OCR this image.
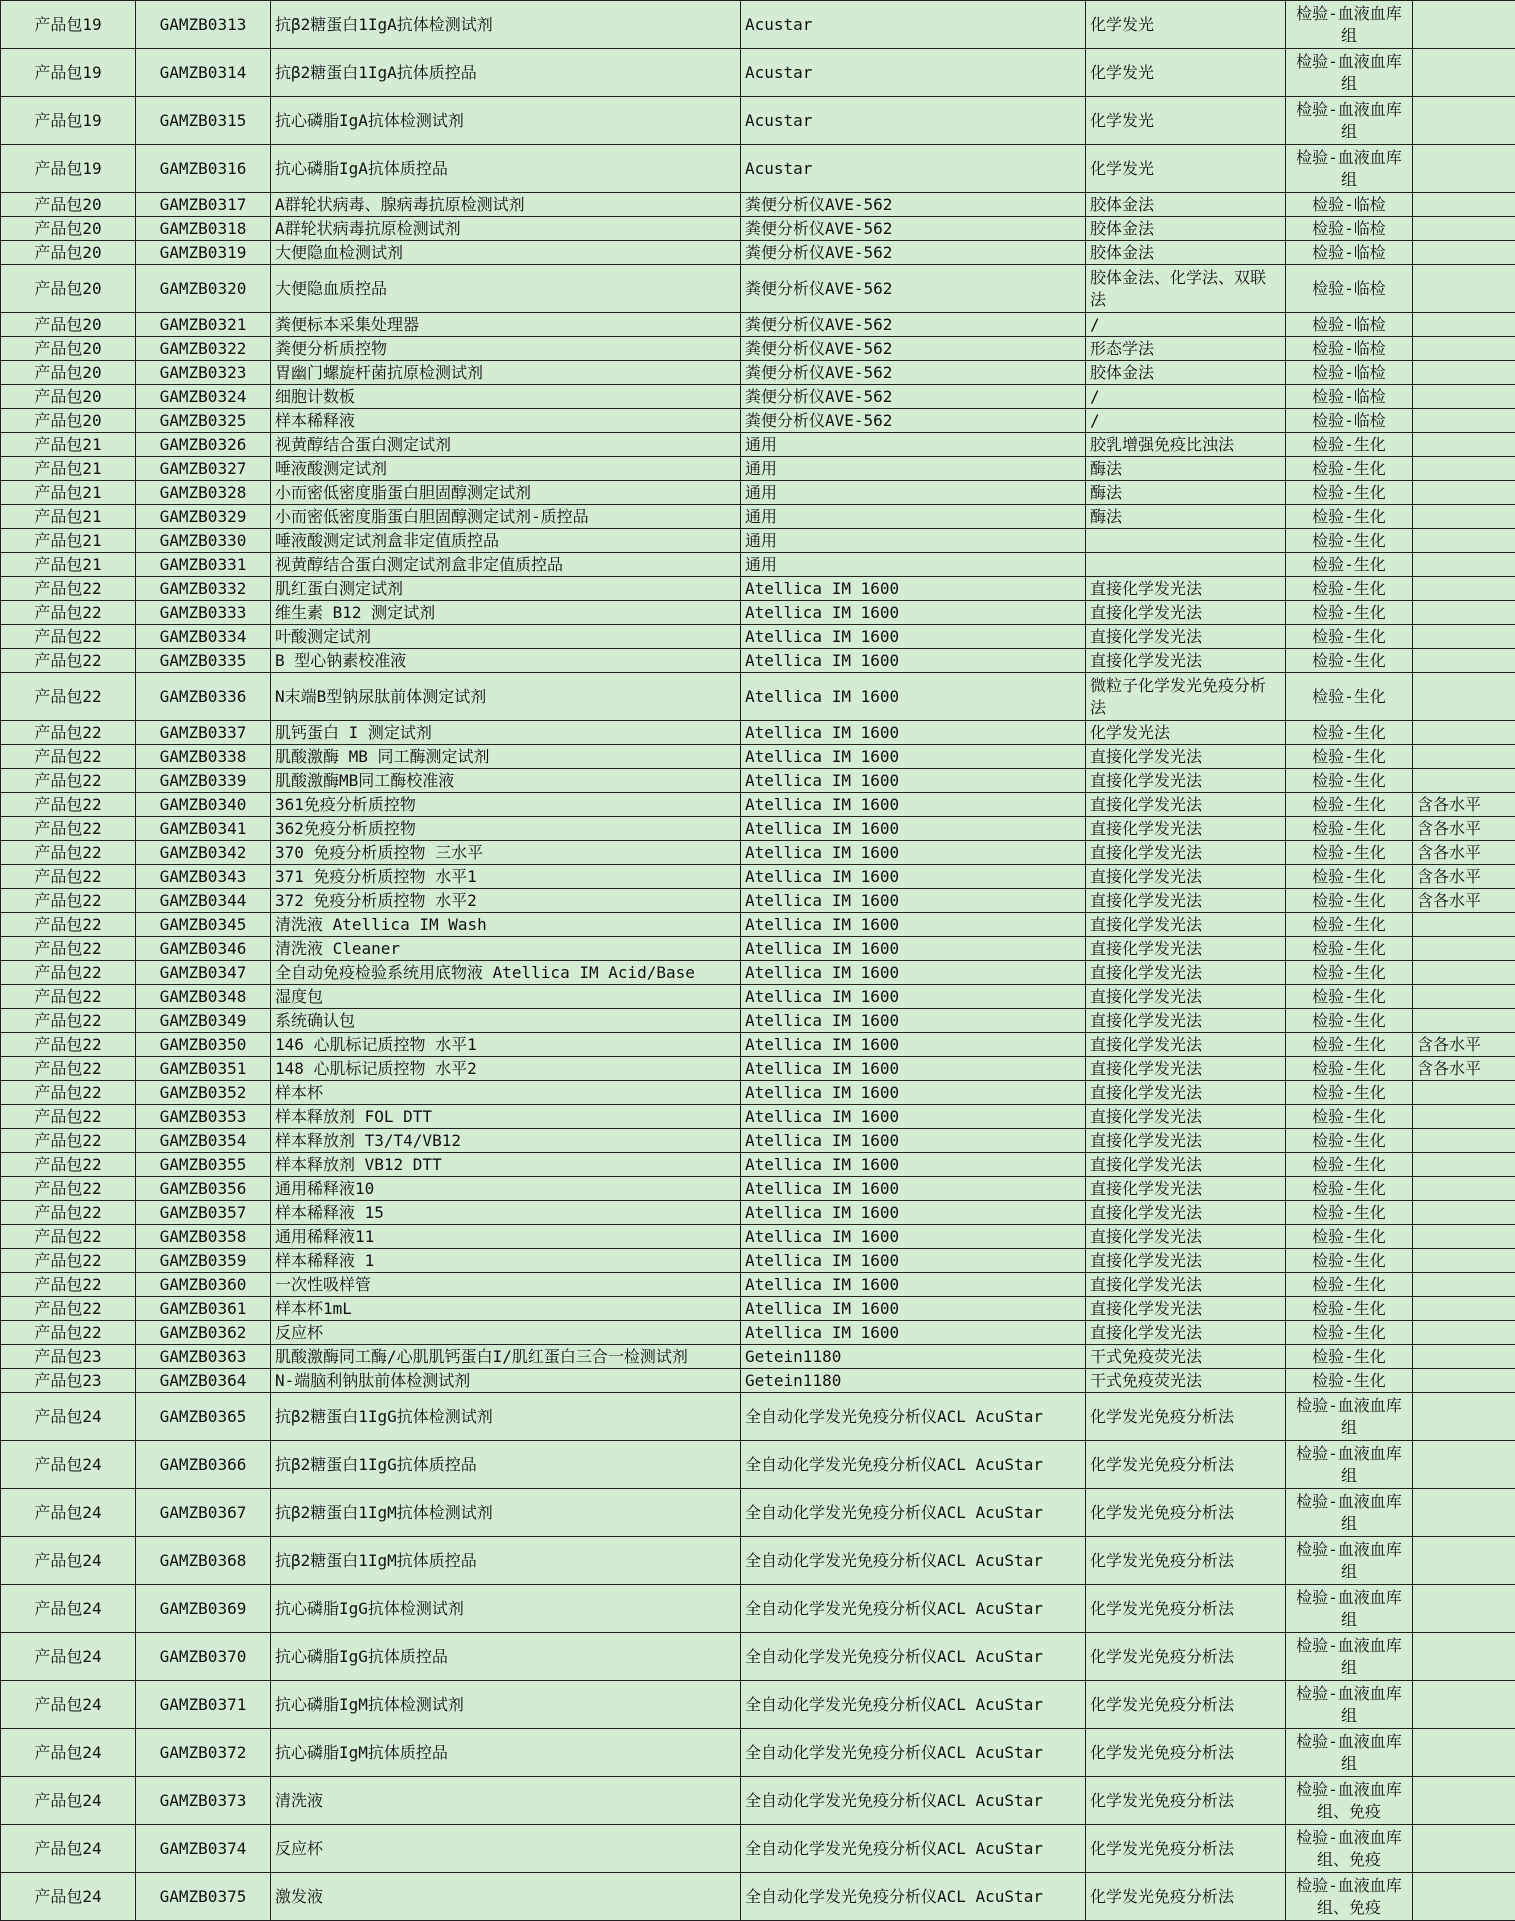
产品包19	GAMZB0313	抗β2糖蛋白1IgA抗体检测试剂	Acustar	化学发光	检验-血液血库组	
产品包19	GAMZB0314	抗β2糖蛋白1IgA抗体质控品	Acustar	化学发光	检验-血液血库组	
产品包19	GAMZB0315	抗心磷脂IgA抗体检测试剂	Acustar	化学发光	检验-血液血库组	
产品包19	GAMZB0316	抗心磷脂IgA抗体质控品	Acustar	化学发光	检验-血液血库组	
产品包20	GAMZB0317	A群轮状病毒、腺病毒抗原检测试剂	粪便分析仪AVE-562	胶体金法	检验-临检	
产品包20	GAMZB0318	A群轮状病毒抗原检测试剂	粪便分析仪AVE-562	胶体金法	检验-临检	
产品包20	GAMZB0319	大便隐血检测试剂	粪便分析仪AVE-562	胶体金法	检验-临检	
产品包20	GAMZB0320	大便隐血质控品	粪便分析仪AVE-562	胶体金法、化学法、双联法	检验-临检	
产品包20	GAMZB0321	粪便标本采集处理器	粪便分析仪AVE-562	/	检验-临检	
产品包20	GAMZB0322	粪便分析质控物	粪便分析仪AVE-562	形态学法	检验-临检	
产品包20	GAMZB0323	胃幽门螺旋杆菌抗原检测试剂	粪便分析仪AVE-562	胶体金法	检验-临检	
产品包20	GAMZB0324	细胞计数板	粪便分析仪AVE-562	/	检验-临检	
产品包20	GAMZB0325	样本稀释液	粪便分析仪AVE-562	/	检验-临检	
产品包21	GAMZB0326	视黄醇结合蛋白测定试剂	通用	胶乳增强免疫比浊法	检验-生化	
产品包21	GAMZB0327	唾液酸测定试剂	通用	酶法	检验-生化	
产品包21	GAMZB0328	小而密低密度脂蛋白胆固醇测定试剂	通用	酶法	检验-生化	
产品包21	GAMZB0329	小而密低密度脂蛋白胆固醇测定试剂-质控品	通用	酶法	检验-生化	
产品包21	GAMZB0330	唾液酸测定试剂盒非定值质控品	通用		检验-生化	
产品包21	GAMZB0331	视黄醇结合蛋白测定试剂盒非定值质控品	通用		检验-生化	
产品包22	GAMZB0332	肌红蛋白测定试剂	Atellica IM 1600	直接化学发光法	检验-生化	
产品包22	GAMZB0333	维生素 B12 测定试剂	Atellica IM 1600	直接化学发光法	检验-生化	
产品包22	GAMZB0334	叶酸测定试剂	Atellica IM 1600	直接化学发光法	检验-生化	
产品包22	GAMZB0335	B 型心钠素校准液	Atellica IM 1600	直接化学发光法	检验-生化	
产品包22	GAMZB0336	N末端B型钠尿肽前体测定试剂	Atellica IM 1600	微粒子化学发光免疫分析法	检验-生化	
产品包22	GAMZB0337	肌钙蛋白 I 测定试剂	Atellica IM 1600	化学发光法	检验-生化	
产品包22	GAMZB0338	肌酸激酶 MB 同工酶测定试剂	Atellica IM 1600	直接化学发光法	检验-生化	
产品包22	GAMZB0339	肌酸激酶MB同工酶校准液	Atellica IM 1600	直接化学发光法	检验-生化	
产品包22	GAMZB0340	361免疫分析质控物	Atellica IM 1600	直接化学发光法	检验-生化	含各水平
产品包22	GAMZB0341	362免疫分析质控物	Atellica IM 1600	直接化学发光法	检验-生化	含各水平
产品包22	GAMZB0342	370 免疫分析质控物 三水平	Atellica IM 1600	直接化学发光法	检验-生化	含各水平
产品包22	GAMZB0343	371 免疫分析质控物 水平1	Atellica IM 1600	直接化学发光法	检验-生化	含各水平
产品包22	GAMZB0344	372 免疫分析质控物 水平2	Atellica IM 1600	直接化学发光法	检验-生化	含各水平
产品包22	GAMZB0345	清洗液 Atellica IM Wash	Atellica IM 1600	直接化学发光法	检验-生化	
产品包22	GAMZB0346	清洗液 Cleaner	Atellica IM 1600	直接化学发光法	检验-生化	
产品包22	GAMZB0347	全自动免疫检验系统用底物液 Atellica IM Acid/Base	Atellica IM 1600	直接化学发光法	检验-生化	
产品包22	GAMZB0348	湿度包	Atellica IM 1600	直接化学发光法	检验-生化	
产品包22	GAMZB0349	系统确认包	Atellica IM 1600	直接化学发光法	检验-生化	
产品包22	GAMZB0350	146 心肌标记质控物 水平1	Atellica IM 1600	直接化学发光法	检验-生化	含各水平
产品包22	GAMZB0351	148 心肌标记质控物 水平2	Atellica IM 1600	直接化学发光法	检验-生化	含各水平
产品包22	GAMZB0352	样本杯	Atellica IM 1600	直接化学发光法	检验-生化	
产品包22	GAMZB0353	样本释放剂 FOL DTT	Atellica IM 1600	直接化学发光法	检验-生化	
产品包22	GAMZB0354	样本释放剂 T3/T4/VB12	Atellica IM 1600	直接化学发光法	检验-生化	
产品包22	GAMZB0355	样本释放剂 VB12 DTT	Atellica IM 1600	直接化学发光法	检验-生化	
产品包22	GAMZB0356	通用稀释液10	Atellica IM 1600	直接化学发光法	检验-生化	
产品包22	GAMZB0357	样本稀释液 15	Atellica IM 1600	直接化学发光法	检验-生化	
产品包22	GAMZB0358	通用稀释液11	Atellica IM 1600	直接化学发光法	检验-生化	
产品包22	GAMZB0359	样本稀释液 1	Atellica IM 1600	直接化学发光法	检验-生化	
产品包22	GAMZB0360	一次性吸样管	Atellica IM 1600	直接化学发光法	检验-生化	
产品包22	GAMZB0361	样本杯1mL	Atellica IM 1600	直接化学发光法	检验-生化	
产品包22	GAMZB0362	反应杯	Atellica IM 1600	直接化学发光法	检验-生化	
产品包23	GAMZB0363	肌酸激酶同工酶/心肌肌钙蛋白I/肌红蛋白三合一检测试剂	Getein1180	干式免疫荧光法	检验-生化	
产品包23	GAMZB0364	N-端脑利钠肽前体检测试剂	Getein1180	干式免疫荧光法	检验-生化	
产品包24	GAMZB0365	抗β2糖蛋白1IgG抗体检测试剂	全自动化学发光免疫分析仪ACL AcuStar	化学发光免疫分析法	检验-血液血库组	
产品包24	GAMZB0366	抗β2糖蛋白1IgG抗体质控品	全自动化学发光免疫分析仪ACL AcuStar	化学发光免疫分析法	检验-血液血库组	
产品包24	GAMZB0367	抗β2糖蛋白1IgM抗体检测试剂	全自动化学发光免疫分析仪ACL AcuStar	化学发光免疫分析法	检验-血液血库组	
产品包24	GAMZB0368	抗β2糖蛋白1IgM抗体质控品	全自动化学发光免疫分析仪ACL AcuStar	化学发光免疫分析法	检验-血液血库组	
产品包24	GAMZB0369	抗心磷脂IgG抗体检测试剂	全自动化学发光免疫分析仪ACL AcuStar	化学发光免疫分析法	检验-血液血库组	
产品包24	GAMZB0370	抗心磷脂IgG抗体质控品	全自动化学发光免疫分析仪ACL AcuStar	化学发光免疫分析法	检验-血液血库组	
产品包24	GAMZB0371	抗心磷脂IgM抗体检测试剂	全自动化学发光免疫分析仪ACL AcuStar	化学发光免疫分析法	检验-血液血库组	
产品包24	GAMZB0372	抗心磷脂IgM抗体质控品	全自动化学发光免疫分析仪ACL AcuStar	化学发光免疫分析法	检验-血液血库组	
产品包24	GAMZB0373	清洗液	全自动化学发光免疫分析仪ACL AcuStar	化学发光免疫分析法	检验-血液血库组、免疫	
产品包24	GAMZB0374	反应杯	全自动化学发光免疫分析仪ACL AcuStar	化学发光免疫分析法	检验-血液血库组、免疫	
产品包24	GAMZB0375	激发液	全自动化学发光免疫分析仪ACL AcuStar	化学发光免疫分析法	检验-血液血库组、免疫	
